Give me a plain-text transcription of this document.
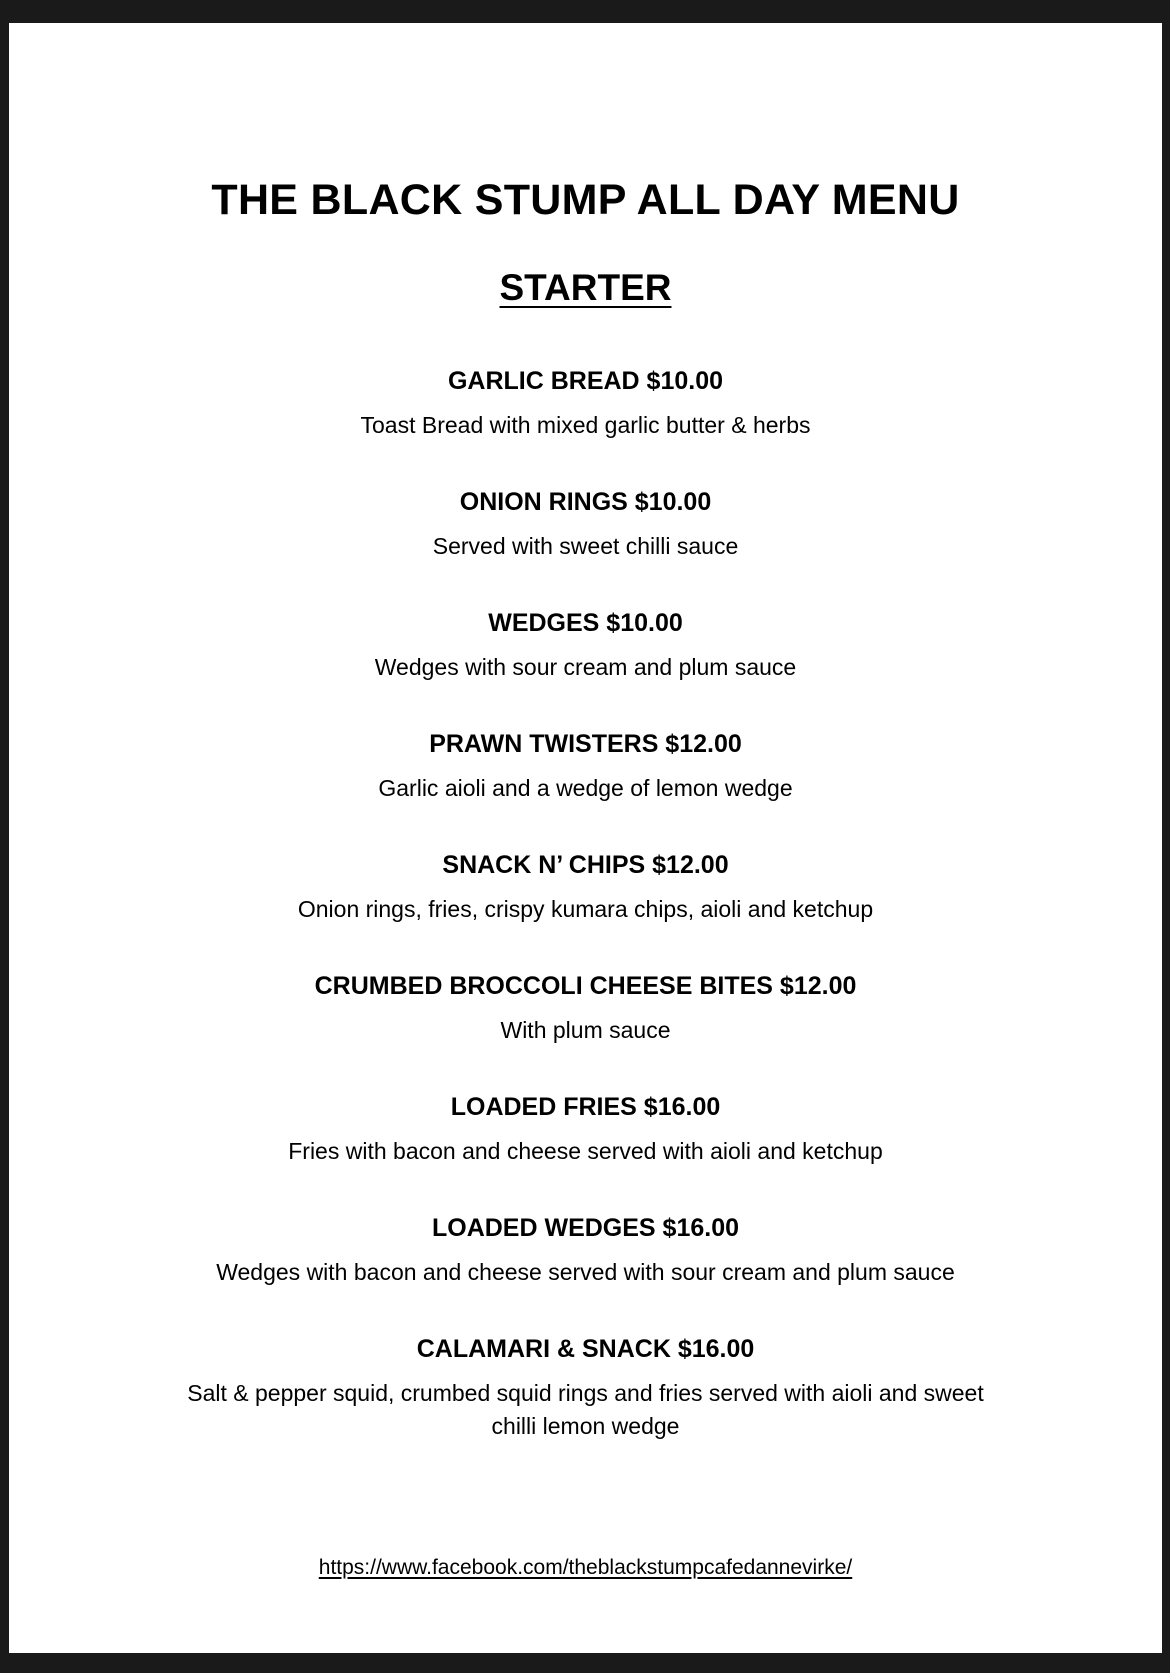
THE BLACK STUMP ALL DAY MENU
STARTER

GARLIC BREAD $10.00

Toast Bread with mixed garlic butter & herbs

ONION RINGS $10.00

Served with sweet chilli sauce

WEDGES $10.00

Wedges with sour cream and plum sauce

PRAWN TWISTERS $12.00

Garlic aioli and a wedge of lemon wedge

SNACK N’ CHIPS $12.00

Onion rings, fries, crispy kumara chips, aioli and ketchup

CRUMBED BROCCOLI CHEESE BITES $12.00

With plum sauce

LOADED FRIES $16.00

Fries with bacon and cheese served with aioli and ketchup

LOADED WEDGES $16.00

Wedges with bacon and cheese served with sour cream and plum sauce

CALAMARI & SNACK $16.00

Salt & pepper squid, crumbed squid rings and fries served with aioli and sweet chilli lemon wedge

https://www.facebook.com/theblackstumpcafedannevirke/
